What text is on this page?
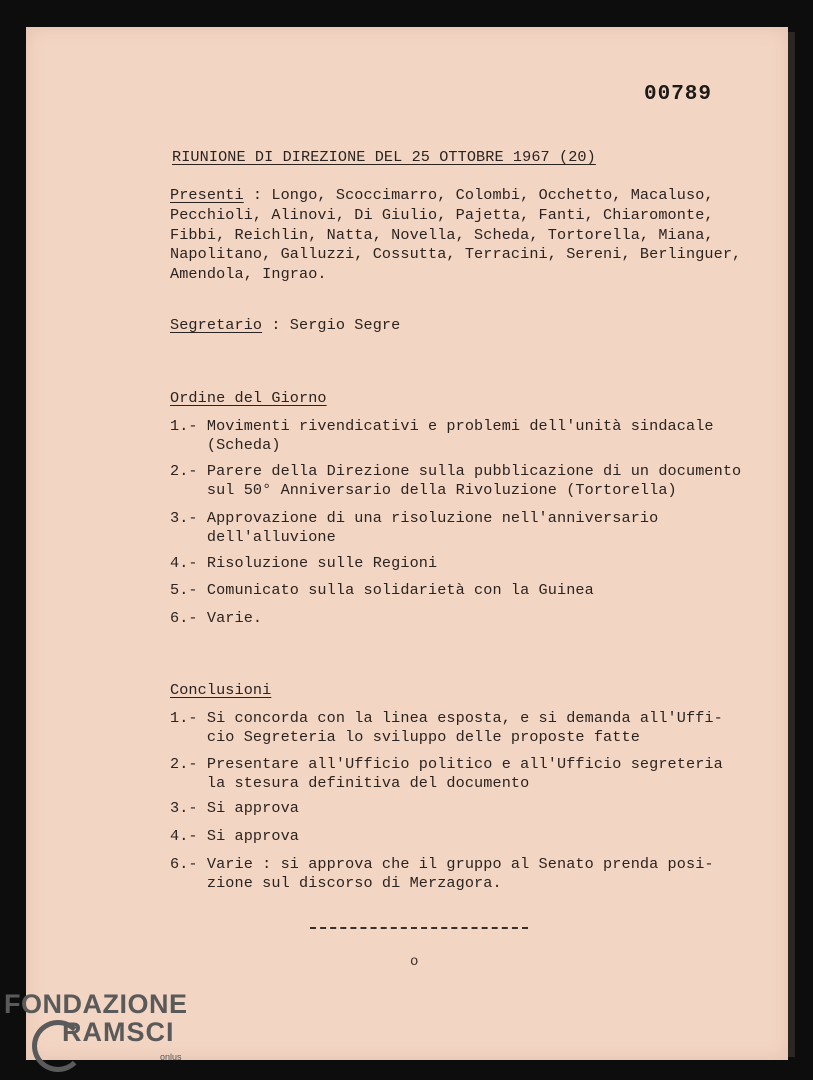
00789
RIUNIONE DI DIREZIONE DEL 25 OTTOBRE 1967 (20)
Presenti : Longo, Scoccimarro, Colombi, Occhetto, Macaluso,
Pecchioli, Alinovi, Di Giulio, Pajetta, Fanti, Chiaromonte,
Fibbi, Reichlin, Natta, Novella, Scheda, Tortorella, Miana,
Napolitano, Galluzzi, Cossutta, Terracini, Sereni, Berlinguer,
Amendola, Ingrao.
Segretario : Sergio Segre
Ordine del Giorno
1.- Movimenti rivendicativi e problemi dell'unità sindacale
(Scheda)
2.- Parere della Direzione sulla pubblicazione di un documento
sul 50° Anniversario della Rivoluzione (Tortorella)
3.- Approvazione di una risoluzione nell'anniversario
dell'alluvione
4.- Risoluzione sulle Regioni
5.- Comunicato sulla solidarietà con la Guinea
6.- Varie.
Conclusioni
1.- Si concorda con la linea esposta, e si demanda all'Uffi-
cio Segreteria lo sviluppo delle proposte fatte
2.- Presentare all'Ufficio politico e all'Ufficio segreteria
la stesura definitiva del documento
3.- Si approva
4.- Si approva
6.- Varie : si approva che il gruppo al Senato prenda posi-
zione sul discorso di Merzagora.
o
FONDAZIONE
RAMSCI
onlus
